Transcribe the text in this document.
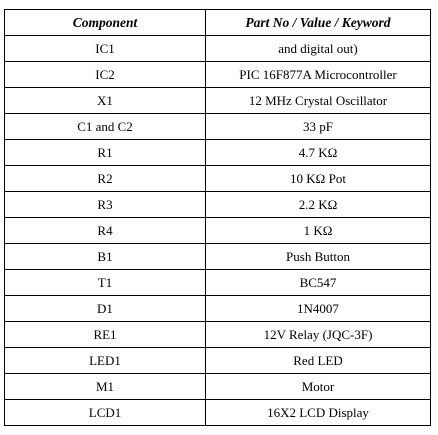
Component	Part No / Value / Keyword
IC1	and digital out)
IC2	PIC 16F877A Microcontroller
X1	12 MHz Crystal Oscillator
C1 and C2	33 pF
R1	4.7 KΩ
R2	10 KΩ Pot
R3	2.2 KΩ
R4	1 KΩ
B1	Push Button
T1	BC547
D1	1N4007
RE1	12V Relay (JQC-3F)
LED1	Red LED
M1	Motor
LCD1	16X2 LCD Display
